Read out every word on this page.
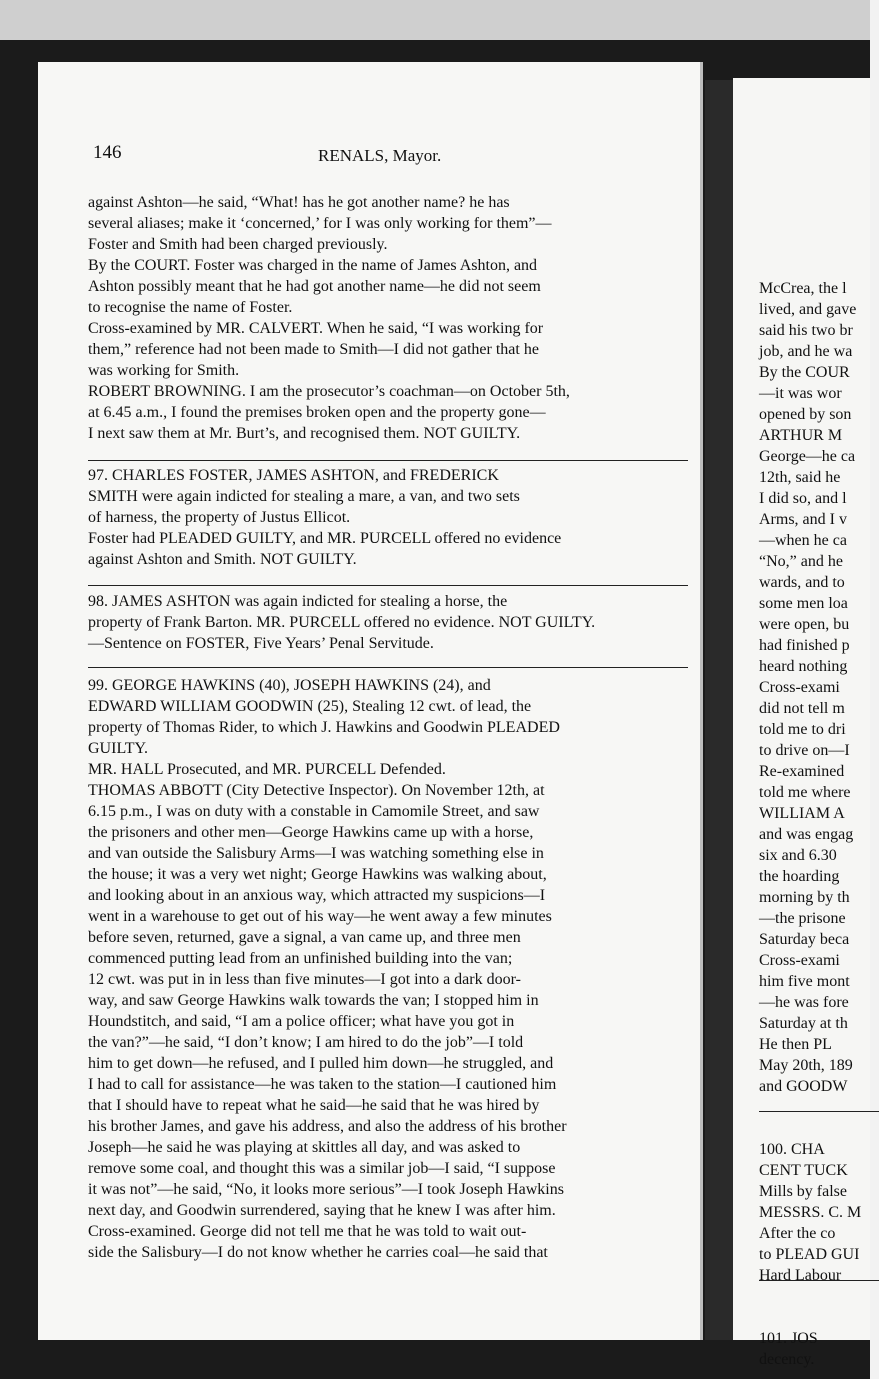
McCrea, the l
lived, and gave
said his two br
job, and he wa
By the COUR
—it was wor
opened by son
ARTHUR M
George—he ca
12th, said he
I did so, and l
Arms, and I v
—when he ca
“No,” and he
wards, and to
some men loa
were open, bu
had finished p
heard nothing
Cross-exami
did not tell m
told me to dri
to drive on—I
Re-examined
told me where
WILLIAM A
and was engag
six and 6.30
the hoarding
morning by th
—the prisone
Saturday beca
Cross-exami
him five mont
—he was fore
Saturday at th
He then PL
May 20th, 189
and GOODW

100. CHA
CENT TUCK
Mills by false
MESSRS. C. M
After the co
to PLEAD GUI
Hard Labour

101. JOS
decency.
146	RENALS, Mayor.
against Ashton—he said, “What! has he got another name? he has
several aliases; make it ‘concerned,’ for I was only working for them”—
Foster and Smith had been charged previously.
By the COURT. Foster was charged in the name of James Ashton, and
Ashton possibly meant that he had got another name—he did not seem
to recognise the name of Foster.
Cross-examined by MR. CALVERT. When he said, “I was working for
them,” reference had not been made to Smith—I did not gather that he
was working for Smith.
ROBERT BROWNING. I am the prosecutor’s coachman—on October 5th,
at 6.45 a.m., I found the premises broken open and the property gone—
I next saw them at Mr. Burt’s, and recognised them. NOT GUILTY.

97. CHARLES FOSTER, JAMES ASHTON, and FREDERICK
SMITH were again indicted for stealing a mare, a van, and two sets
of harness, the property of Justus Ellicot.
Foster had PLEADED GUILTY, and MR. PURCELL offered no evidence
against Ashton and Smith. NOT GUILTY.

98. JAMES ASHTON was again indicted for stealing a horse, the
property of Frank Barton. MR. PURCELL offered no evidence. NOT GUILTY.
—Sentence on FOSTER, Five Years’ Penal Servitude.

99. GEORGE HAWKINS (40), JOSEPH HAWKINS (24), and
EDWARD WILLIAM GOODWIN (25), Stealing 12 cwt. of lead, the
property of Thomas Rider, to which J. Hawkins and Goodwin PLEADED
GUILTY.
MR. HALL Prosecuted, and MR. PURCELL Defended.
THOMAS ABBOTT (City Detective Inspector). On November 12th, at
6.15 p.m., I was on duty with a constable in Camomile Street, and saw
the prisoners and other men—George Hawkins came up with a horse,
and van outside the Salisbury Arms—I was watching something else in
the house; it was a very wet night; George Hawkins was walking about,
and looking about in an anxious way, which attracted my suspicions—I
went in a warehouse to get out of his way—he went away a few minutes
before seven, returned, gave a signal, a van came up, and three men
commenced putting lead from an unfinished building into the van;
12 cwt. was put in in less than five minutes—I got into a dark door-
way, and saw George Hawkins walk towards the van; I stopped him in
Houndstitch, and said, “I am a police officer; what have you got in
the van?”—he said, “I don’t know; I am hired to do the job”—I told
him to get down—he refused, and I pulled him down—he struggled, and
I had to call for assistance—he was taken to the station—I cautioned him
that I should have to repeat what he said—he said that he was hired by
his brother James, and gave his address, and also the address of his brother
Joseph—he said he was playing at skittles all day, and was asked to
remove some coal, and thought this was a similar job—I said, “I suppose
it was not”—he said, “No, it looks more serious”—I took Joseph Hawkins
next day, and Goodwin surrendered, saying that he knew I was after him.
Cross-examined. George did not tell me that he was told to wait out-
side the Salisbury—I do not know whether he carries coal—he said that
